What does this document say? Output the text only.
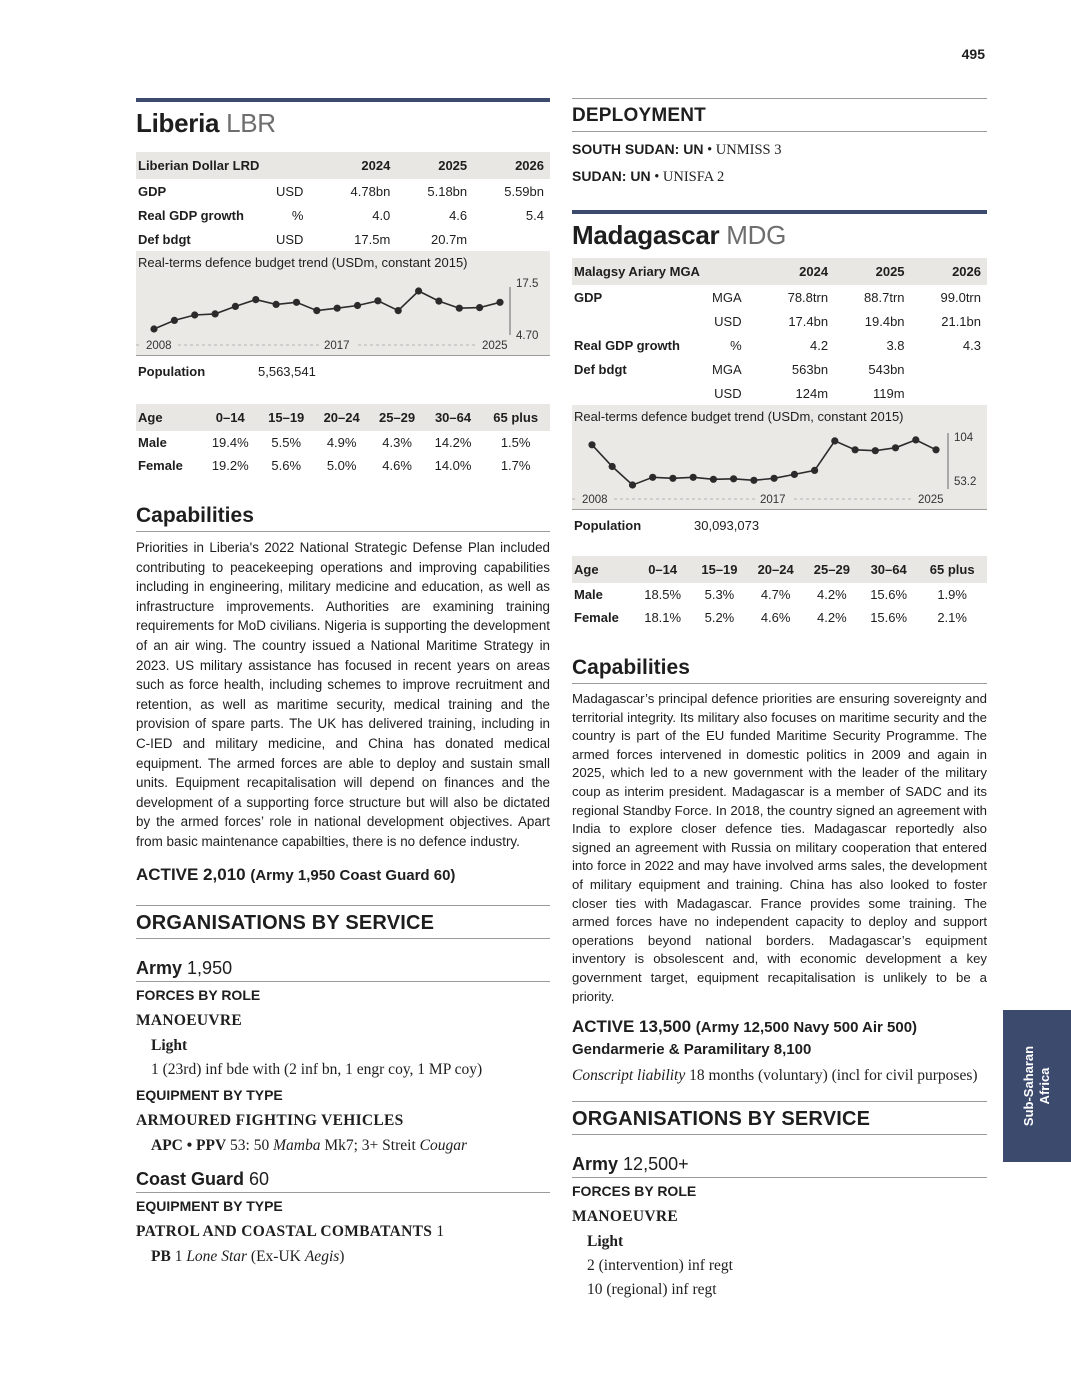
495
Liberia LBR
Liberian Dollar LRD		2024	2025	2026
GDP	USD	4.78bn	5.18bn	5.59bn
Real GDP growth	%	4.0	4.6	5.4
Def bdgt	USD	17.5m	20.7m	
Real-terms defence budget trend (USDm, constant 2015)
17.5
4.70
2008	2017	2025
Population	5,563,541
Age	0–14	15–19	20–24	25–29	30–64	65 plus
Male	19.4%	5.5%	4.9%	4.3%	14.2%	1.5%
Female	19.2%	5.6%	5.0%	4.6%	14.0%	1.7%
Capabilities
Priorities in Liberia's 2022 National Strategic Defense Plan included contributing to peacekeeping operations and improving capabilities including in engineering, military medicine and education, as well as infrastructure improvements. Authorities are examining training requirements for MoD civilians. Nigeria is supporting the development of an air wing. The country issued a National Maritime Strategy in 2023. US military assistance has focused in recent years on areas such as force health, including schemes to improve recruitment and retention, as well as maritime security, medical training and the provision of spare parts. The UK has delivered training, including in C-IED and military medicine, and China has donated medical equipment. The armed forces are able to deploy and sustain small units. Equipment recapitalisation will depend on finances and the development of a supporting force structure but will also be dictated by the armed forces’ role in national development objectives. Apart from basic maintenance capabilties, there is no defence industry.
ACTIVE 2,010 (Army 1,950 Coast Guard 60)
ORGANISATIONS BY SERVICE
Army 1,950
FORCES BY ROLE
MANOEUVRE
Light
1 (23rd) inf bde with (2 inf bn, 1 engr coy, 1 MP coy)
EQUIPMENT BY TYPE
ARMOURED FIGHTING VEHICLES
APC • PPV 53: 50 Mamba Mk7; 3+ Streit Cougar
Coast Guard 60
EQUIPMENT BY TYPE
PATROL AND COASTAL COMBATANTS 1
PB 1 Lone Star (Ex-UK Aegis)
DEPLOYMENT
SOUTH SUDAN: UN • UNMISS 3
SUDAN: UN • UNISFA 2
Madagascar MDG
Malagsy Ariary MGA		2024	2025	2026
GDP	MGA	78.8trn	88.7trn	99.0trn
	USD	17.4bn	19.4bn	21.1bn
Real GDP growth	%	4.2	3.8	4.3
Def bdgt	MGA	563bn	543bn	
	USD	124m	119m	
Real-terms defence budget trend (USDm, constant 2015)
104
53.2
2008	2017	2025
Population	30,093,073
Age	0–14	15–19	20–24	25–29	30–64	65 plus
Male	18.5%	5.3%	4.7%	4.2%	15.6%	1.9%
Female	18.1%	5.2%	4.6%	4.2%	15.6%	2.1%
Capabilities
Madagascar’s principal defence priorities are ensuring sovereignty and territorial integrity. Its military also focuses on maritime security and the country is part of the EU funded Maritime Security Programme. The armed forces intervened in domestic politics in 2009 and again in 2025, which led to a new government with the leader of the military coup as interim president. Madagascar is a member of SADC and its regional Standby Force. In 2018, the country signed an agreement with India to explore closer defence ties. Madagascar reportedly also signed an agreement with Russia on military cooperation that entered into force in 2022 and may have involved arms sales, the development of military equipment and training. China has also looked to foster closer ties with Madagascar. France provides some training. The armed forces have no independent capacity to deploy and support operations beyond national borders. Madagascar’s equipment inventory is obsolescent and, with economic development a key government target, equipment recapitalisation is unlikely to be a priority.
ACTIVE 13,500 (Army 12,500 Navy 500 Air 500)
Gendarmerie & Paramilitary 8,100
Conscript liability 18 months (voluntary) (incl for civil purposes)
ORGANISATIONS BY SERVICE
Army 12,500+
FORCES BY ROLE
MANOEUVRE
Light
2 (intervention) inf regt
10 (regional) inf regt
Sub-Saharan Africa
